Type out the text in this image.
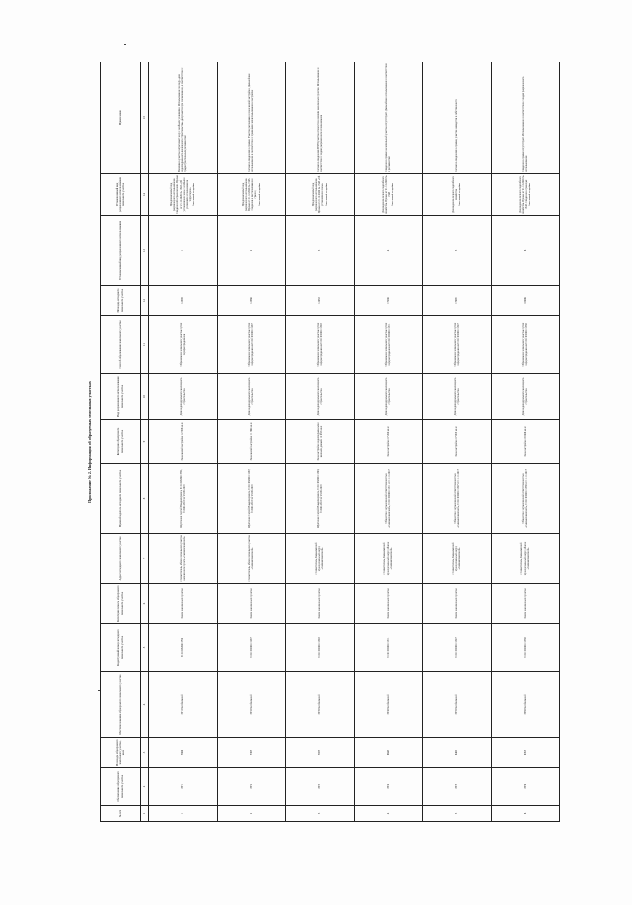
Приложение № 2. Информация об образуемых земельных участках
№ п/п	Обозначение образуемого земельного участка	Площадь образуемого земельного участка, кв.м	Местоположение образуемого земельного участка	Кадастровый номер исходного земельного участка	Категория земель образуемого земельного участка	Адрес исходного земельного участка	Правообладатель исходного земельного участка	Категория образуемого земельного участка	Вид разрешенного использования земельного участка	Способ образования земельного участка	Площадь исходного земельного участка	Установленный вид разрешенного использования	Установленный вид разрешенного использования земельного участка	Примечание
1	2	3	4	5	6	7	8	9	10	11	12	13	14	15
1	:ЗУ1	7006	ЗУ1 Пос.ближний	91:01:032001:790	Земли населенных пунктов	г.Севастополь, вблизи земельного участка населенного пункта «Самокопшевский»	Шухтинов Сергей Владимирович, 91:01:032001:790, 91/001/2019 от 25.09.2019	Зона жилой застройки 12 398 кв.м	Для индивидуального жилищного строительства	Образование земельного участка путем перераспределения	12998	1	Предполагаемый вид разрешенного использования. Сведения об ограничениях. Приказ от 21.12.2020 № 1543 «Об установлении зоны с особыми условиями использования территории» Зона жилой застройки	Возможно участок затрагивает зону с особыми условиями. Использование по виду «для индивидуального жилищного строительства» допускается при согласовании, в соответствии с градостроительным регламентом
2	:ЗУ2	7307	ЗУ2 Пос.ближний	91:01:032001:1297	Земли населенных пунктов	г.Севастополь, вблизи земельного участка «Самокопшевский»	Шухтинов Сергей Владимирович, 91:01:032001:1297, 91/001/2019 от 25.09.2019	Зона жилой застройки 11 360 кв.м	Для индивидуального жилищного строительства	Образование земельного участка путем перераспределения 91:01:032001:1297	12960	2	Предполагаемый вид разрешенного использования. Приказ от 21.12.2020 № 1543. Сведения о местоположении границ Зона жилой застройки	Согласно сведениям о правах. Участок расположен в зоне жилой застройки. Дальнейшее использование в соответствии с правилами землепользования и застройки
3	:ЗУ3	7057	ЗУ3 Пос.ближний	91:01:032001:1303	Земли населенных пунктов	г.Севастополь, Балаклавский муниципальный округ, «Самокопшевский»	Шухтинов Сергей Владимирович, 91:01:032001:1303, 91/001/2019 от 25.09.2019	Зона застройки индивидуальными жилыми домами 12 053 кв.м	Для индивидуального жилищного строительства	Образование земельного участка путем перераспределения 91:01:032001:1303	12053	3	Предполагаемый вид разрешенного использования. Приказ от 21.12.2020 № 1543 «Об установлении зоны» Зона жилой застройки	Согласно сведениям ЕГРН участок относится к землям населенных пунктов. Использование в соответствии с видом разрешенного использования
4	:ЗУ4	6643	ЗУ4 Пос.ближний	91:01:032001:1311	Земли населенных пунктов	г.Севастополь, Балаклавский муниципальный округ, вблизи «Самокопшевский»	Общество с ограниченной ответственностью «Самокопшевский», 91:01:032001:1311 от 11.11.2017	Зона застройки 17 200 кв.м	Для индивидуального жилищного строительства	Образование земельного участка путем перераспределения 91:01:032001:1311	17200	4	Для ведения личного подсобного хозяйства. Приказ от 21.12.2020 № 1543 Зона жилой застройки	Сведения о правах на земельный участок отсутствуют. Дальнейшее использование в соответствии с регламентом
5	:ЗУ5	6409	ЗУ5 Пос.ближний	91:01:032001:1327	Земли населенных пунктов	г.Севастополь, Балаклавский муниципальный округ, «Самокопшевский»	Общество с ограниченной ответственностью «Самокопшевский», 91:01:032001:1327 от 11.11.2017	Зона застройки 17 099 кв.м	Для индивидуального жилищного строительства	Образование земельного участка путем перераспределения 91:01:032001:1327	17099	5	Для ведения личного подсобного хозяйства Зона жилой застройки	Согласно сведениям о правах, участок находится в собственности
6	:ЗУ6	6395	ЗУ6 Пос.ближний	91:01:032001:1338	Земли населенных пунктов	г.Севастополь, Балаклавский муниципальный округ, вблизи «Самокопшевский»	Общество с ограниченной ответственностью «Самокопшевский», 91:01:032001:1338 от 11.11.2017	Зона застройки 18 006 кв.м	Для индивидуального жилищного строительства	Образование земельного участка путем перераспределения 91:01:032001:1338	18006	6	Для ведения личного подсобного хозяйства. Приказ от 21.12.2020 № 1543. Сведения о границах Зона жилой застройки	Сведения о правах отсутствуют. Использование в соответствии с видом разрешенного использования
